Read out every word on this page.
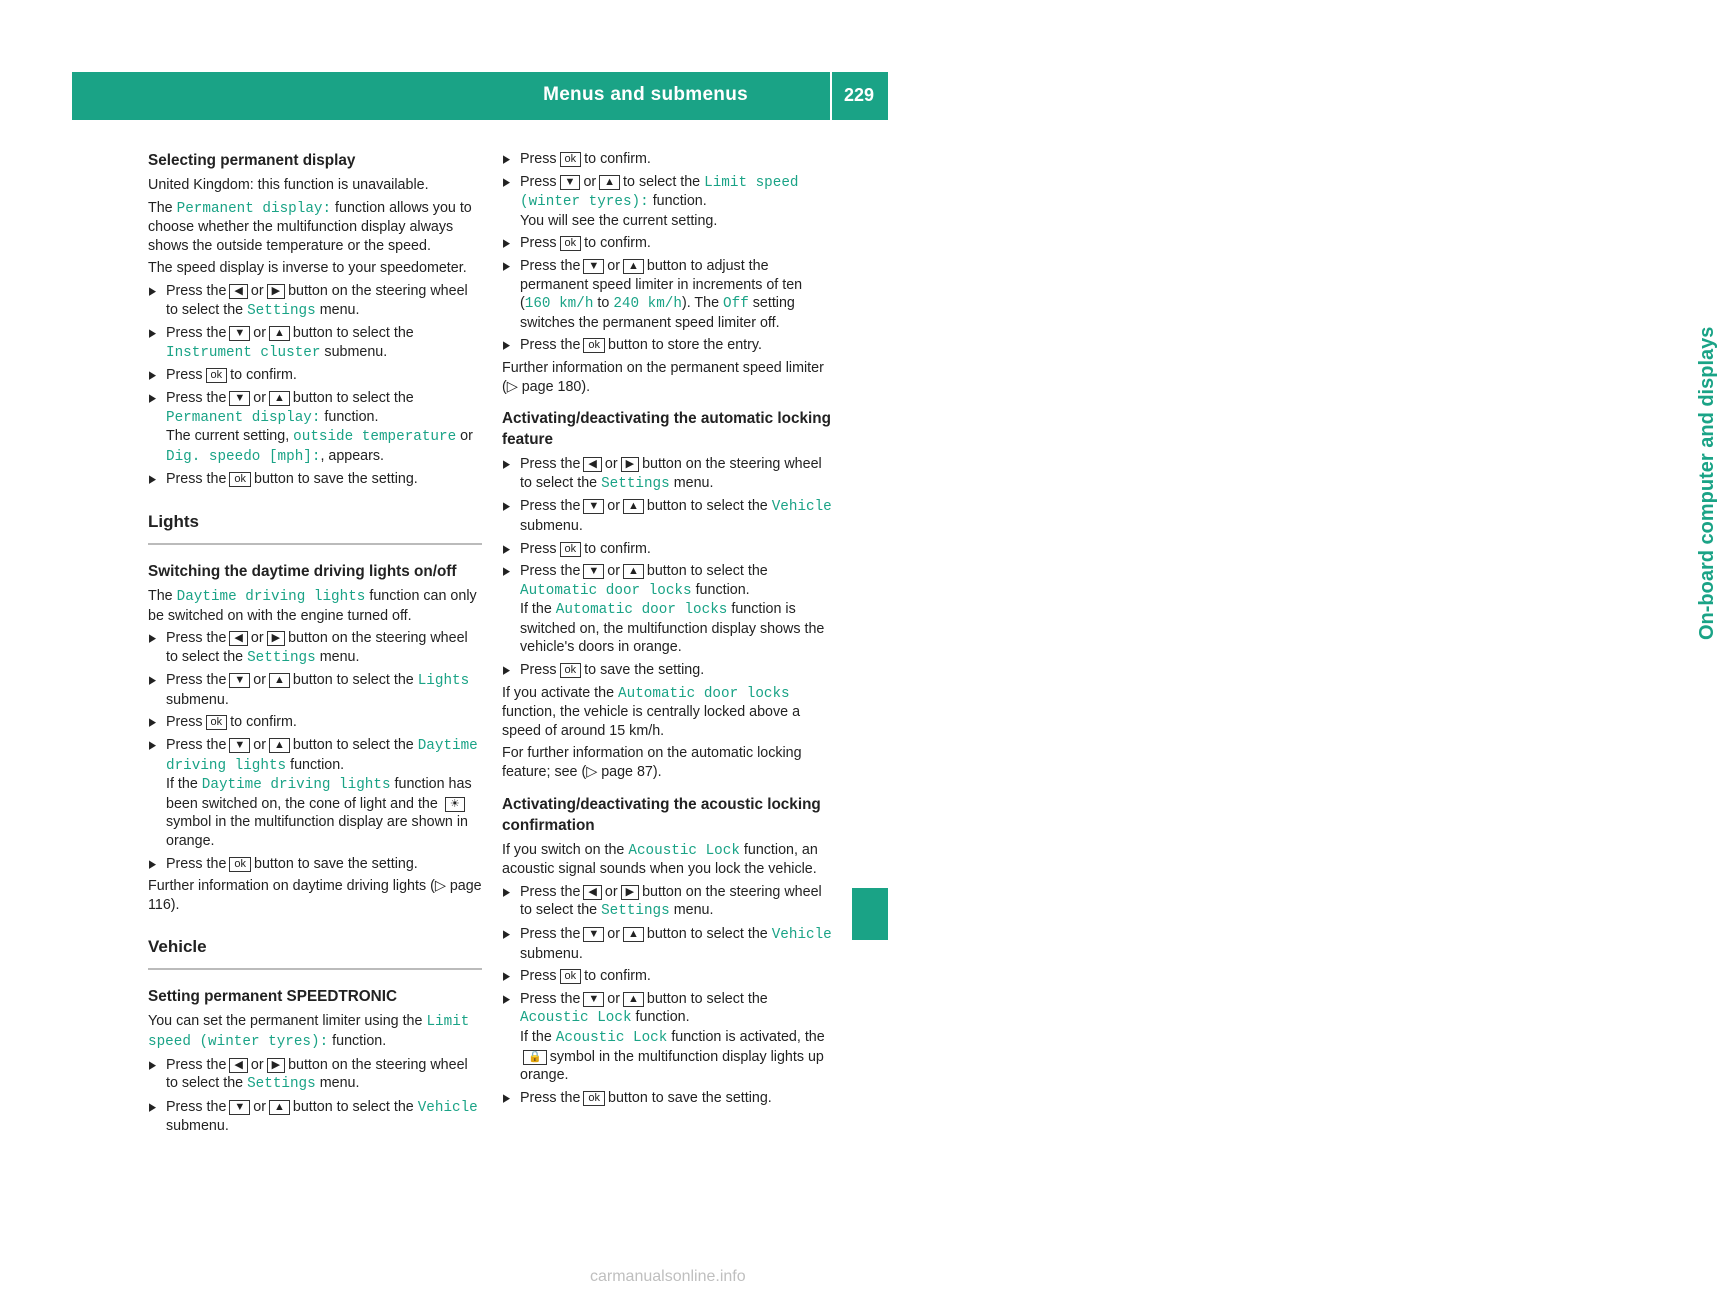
Menus and submenus	229
On-board computer and displays
Selecting permanent display
United Kingdom: this function is unavailable.
The Permanent display: function allows you to choose whether the multifunction display always shows the outside temperature or the speed.
The speed display is inverse to your speedometer.
▶ Press the ◀ or ▶ button on the steering wheel to select the Settings menu.
▶ Press the ▼ or ▲ button to select the Instrument cluster submenu.
▶ Press ok to confirm.
▶ Press the ▼ or ▲ button to select the Permanent display: function.
The current setting, outside temperature or Dig. speedo [mph]:, appears.
▶ Press the ok button to save the setting.
Lights
Switching the daytime driving lights on/off
The Daytime driving lights function can only be switched on with the engine turned off.
▶ Press the ◀ or ▶ button on the steering wheel to select the Settings menu.
▶ Press the ▼ or ▲ button to select the Lights submenu.
▶ Press ok to confirm.
▶ Press the ▼ or ▲ button to select the Daytime driving lights function.
If the Daytime driving lights function has been switched on, the cone of light and the ☀symbol in the multifunction display are shown in orange.
▶ Press the ok button to save the setting.
Further information on daytime driving lights (▷ page 116).
Vehicle
Setting permanent SPEEDTRONIC
You can set the permanent limiter using the Limit speed (winter tyres): function.
▶ Press the ◀ or ▶ button on the steering wheel to select the Settings menu.
▶ Press the ▼ or ▲ button to select the Vehicle submenu.
▶ Press ok to confirm.
▶ Press ▼ or ▲ to select the Limit speed (winter tyres): function.
You will see the current setting.
▶ Press ok to confirm.
▶ Press the ▼ or ▲ button to adjust the permanent speed limiter in increments of ten (160 km/h to 240 km/h). The Off setting switches the permanent speed limiter off.
▶ Press the ok button to store the entry.
Further information on the permanent speed limiter (▷ page 180).
Activating/deactivating the automatic locking feature
▶ Press the ◀ or ▶ button on the steering wheel to select the Settings menu.
▶ Press the ▼ or ▲ button to select the Vehicle submenu.
▶ Press ok to confirm.
▶ Press the ▼ or ▲ button to select the Automatic door locks function.
If the Automatic door locks function is switched on, the multifunction display shows the vehicle's doors in orange.
▶ Press ok to save the setting.
If you activate the Automatic door locks function, the vehicle is centrally locked above a speed of around 15 km/h.
For further information on the automatic locking feature; see (▷ page 87).
Activating/deactivating the acoustic locking confirmation
If you switch on the Acoustic Lock function, an acoustic signal sounds when you lock the vehicle.
▶ Press the ◀ or ▶ button on the steering wheel to select the Settings menu.
▶ Press the ▼ or ▲ button to select the Vehicle submenu.
▶ Press ok to confirm.
▶ Press the ▼ or ▲ button to select the Acoustic Lock function.
If the Acoustic Lock function is activated, the 🔒 symbol in the multifunction display lights up orange.
▶ Press the ok button to save the setting.
carmanualsonline.info
